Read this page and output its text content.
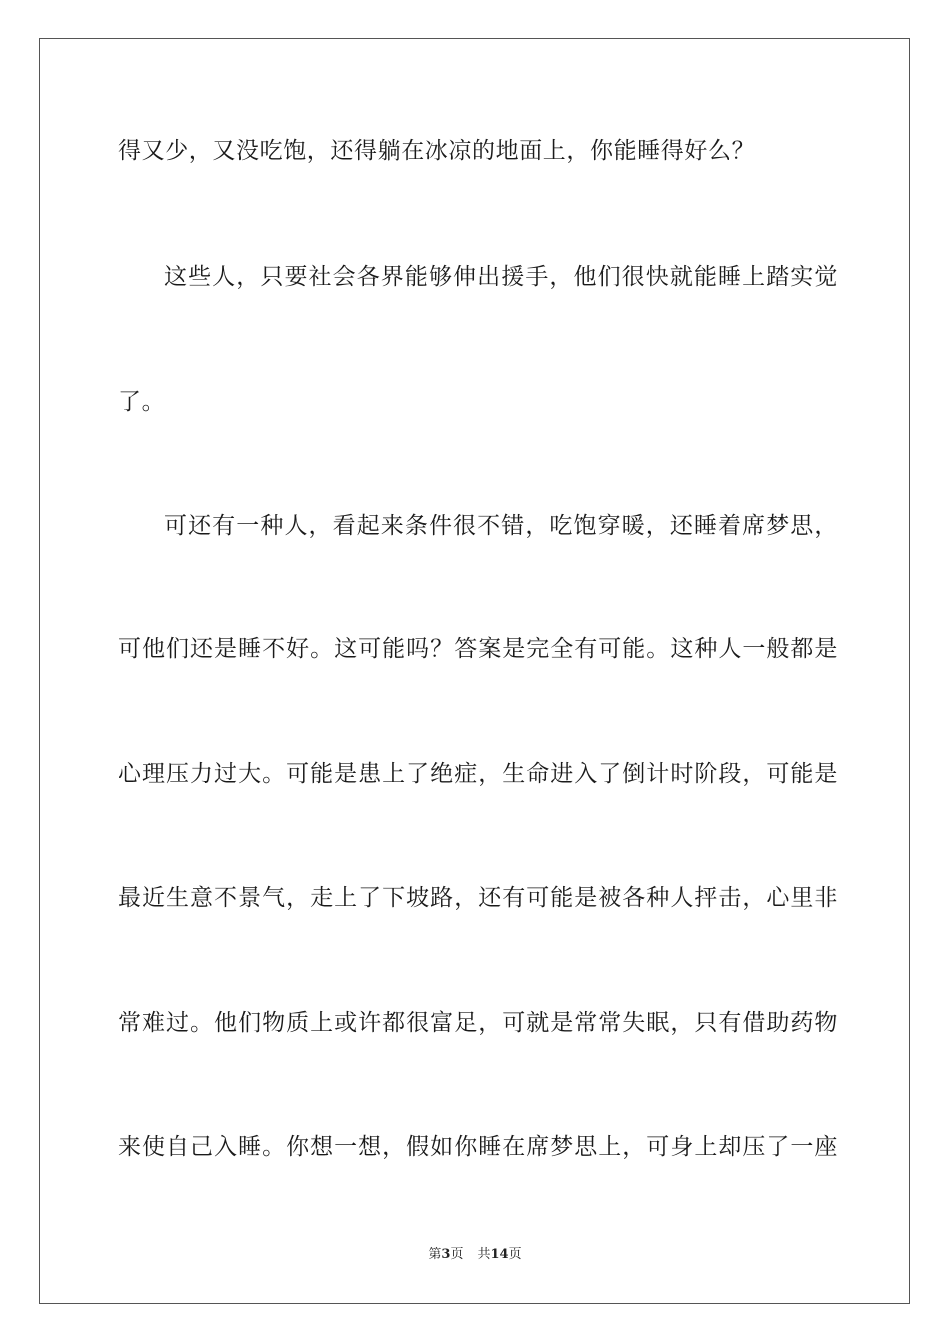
得又少，又没吃饱，还得躺在冰凉的地面上，你能睡得好么？
这些人，只要社会各界能够伸出援手，他们很快就能睡上踏实觉
了。
可还有一种人，看起来条件很不错，吃饱穿暖，还睡着席梦思，
可他们还是睡不好。这可能吗？答案是完全有可能。这种人一般都是
心理压力过大。可能是患上了绝症，生命进入了倒计时阶段，可能是
最近生意不景气，走上了下坡路，还有可能是被各种人抨击，心里非
常难过。他们物质上或许都很富足，可就是常常失眠，只有借助药物
来使自己入睡。你想一想，假如你睡在席梦思上，可身上却压了一座
第3页 共14页
